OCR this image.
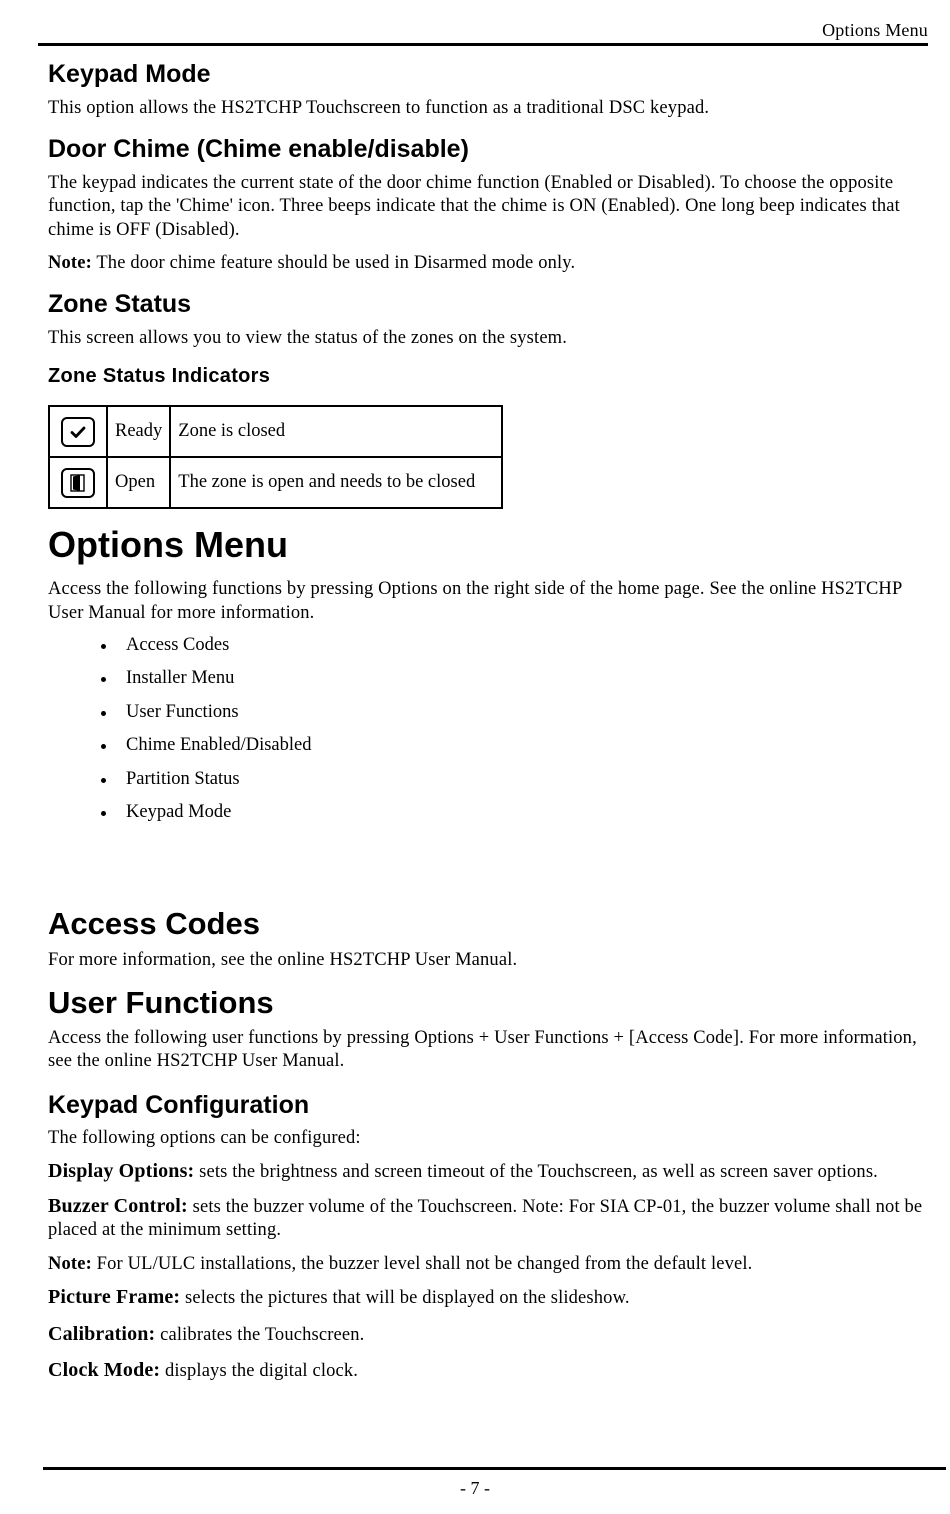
Options Menu
Keypad Mode

This option allows the HS2TCHP Touchscreen to function as a traditional DSC keypad.

Door Chime (Chime enable/disable)

The keypad indicates the current state of the door chime function (Enabled or Disabled). To choose the opposite function, tap the 'Chime' icon. Three beeps indicate that the chime is ON (Enabled). One long beep indicates that chime is OFF (Disabled).

Note: The door chime feature should be used in Disarmed mode only.

Zone Status

This screen allows you to view the status of the zones on the system.

Zone Status Indicators
	Ready	Zone is closed

	Open	The zone is open and needs to be closed
Options Menu

Access the following functions by pressing Options on the right side of the home page. See the online HS2TCHP User Manual for more information.

Access Codes
Installer Menu
User Functions
Chime Enabled/Disabled
Partition Status
Keypad Mode
Access Codes

For more information, see the online HS2TCHP User Manual.

User Functions

Access the following user functions by pressing Options + User Functions + [Access Code]. For more information, see the online HS2TCHP User Manual.

Keypad Configuration

The following options can be configured:

Display Options: sets the brightness and screen timeout of the Touchscreen, as well as screen saver options.

Buzzer Control: sets the buzzer volume of the Touchscreen. Note: For SIA CP-01, the buzzer volume shall not be placed at the minimum setting.

Note: For UL/ULC installations, the buzzer level shall not be changed from the default level.

Picture Frame: selects the pictures that will be displayed on the slideshow.

Calibration: calibrates the Touchscreen.

Clock Mode: displays the digital clock.

- 7 -
